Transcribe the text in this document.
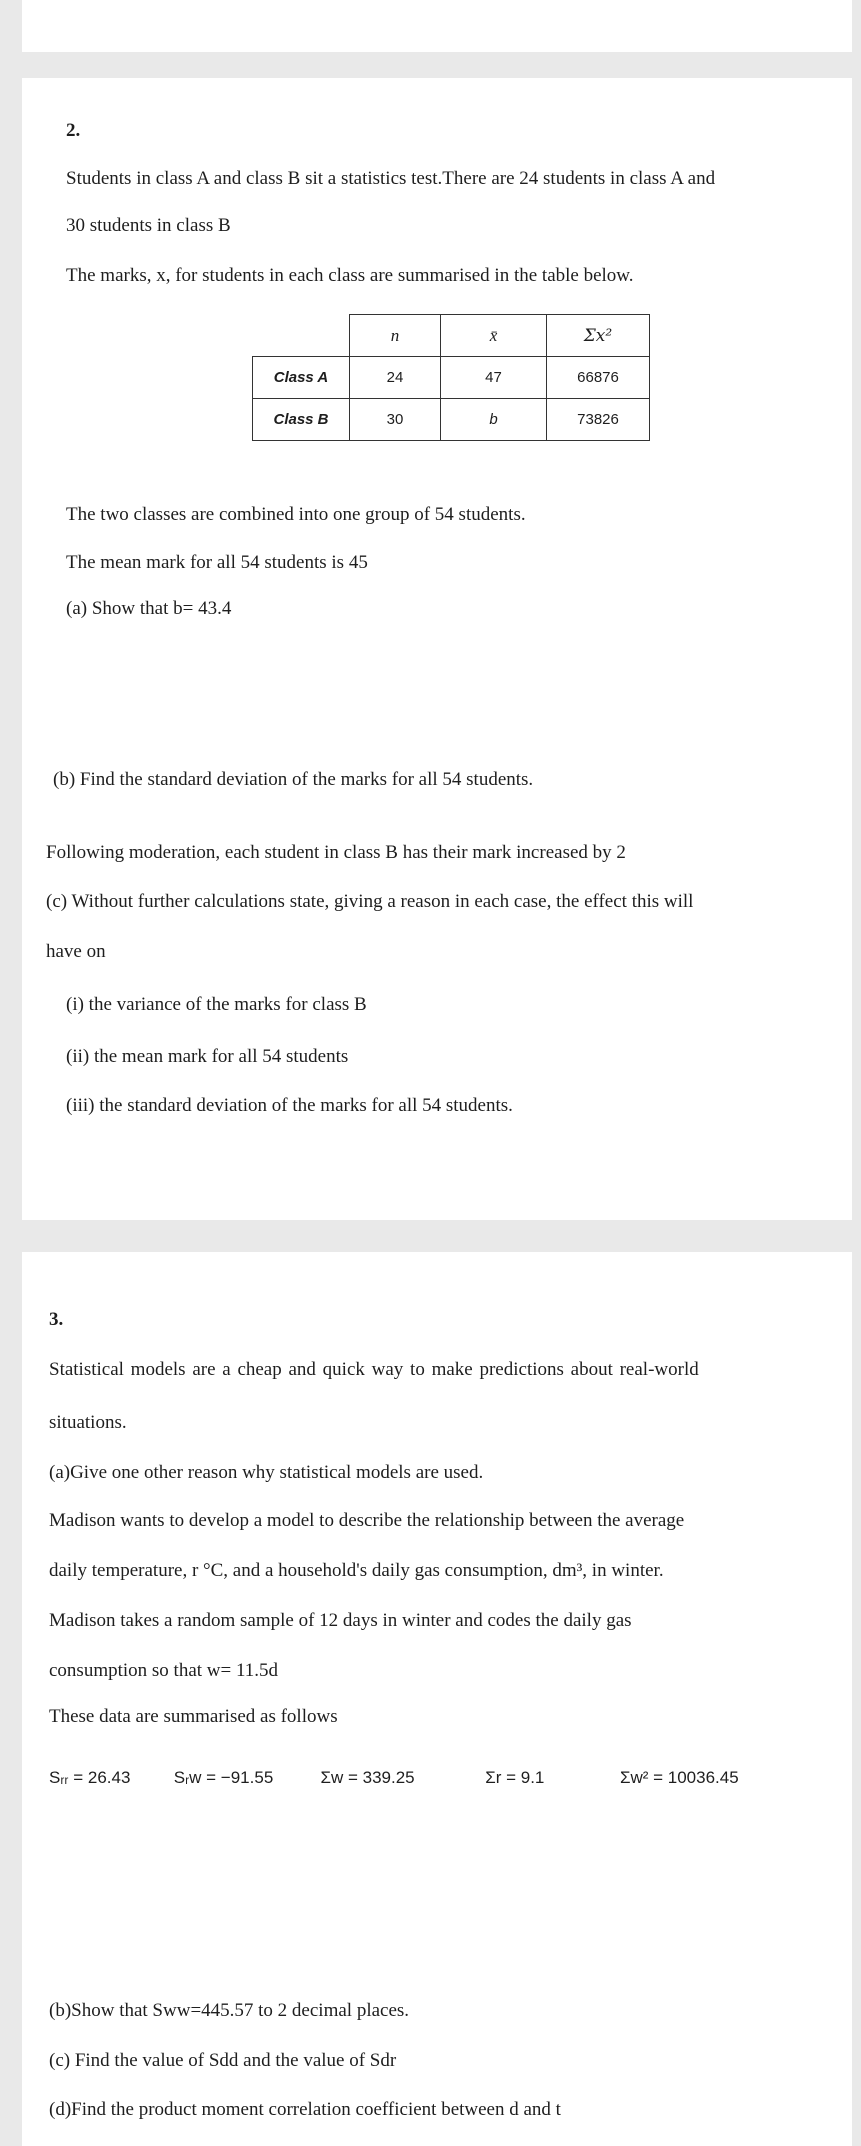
2.
Students in class A and class B sit a statistics test.There are 24 students in class A and
30 students in class B
The marks, x, for students in each class are summarised in the table below.
	n	x̄	Σx²
Class A	24	47	66876
Class B	30	b	73826
The two classes are combined into one group of 54 students.
The mean mark for all 54 students is 45
(a) Show that b= 43.4
(b) Find the standard deviation of the marks for all 54 students.
Following moderation, each student in class B has their mark increased by 2
(c) Without further calculations state, giving a reason in each case, the effect this will
have on
(i) the variance of the marks for class B
(ii) the mean mark for all 54 students
(iii) the standard deviation of the marks for all 54 students.
3.
Statistical models are a cheap and quick way to make predictions about real-world
situations.
(a)Give one other reason why statistical models are used.
Madison wants to develop a model to describe the relationship between the average
daily temperature, r °C, and a household's daily gas consumption, dm³, in winter.
Madison takes a random sample of 12 days in winter and codes the daily gas
consumption so that w= 11.5d
These data are summarised as follows
Sᵣᵣ = 26.43	Sᵣw = −91.55	Σw = 339.25	Σr = 9.1	Σw² = 10036.45
(b)Show that Sww=445.57 to 2 decimal places.
(c) Find the value of Sdd and the value of Sdr
(d)Find the product moment correlation coefficient between d and t
